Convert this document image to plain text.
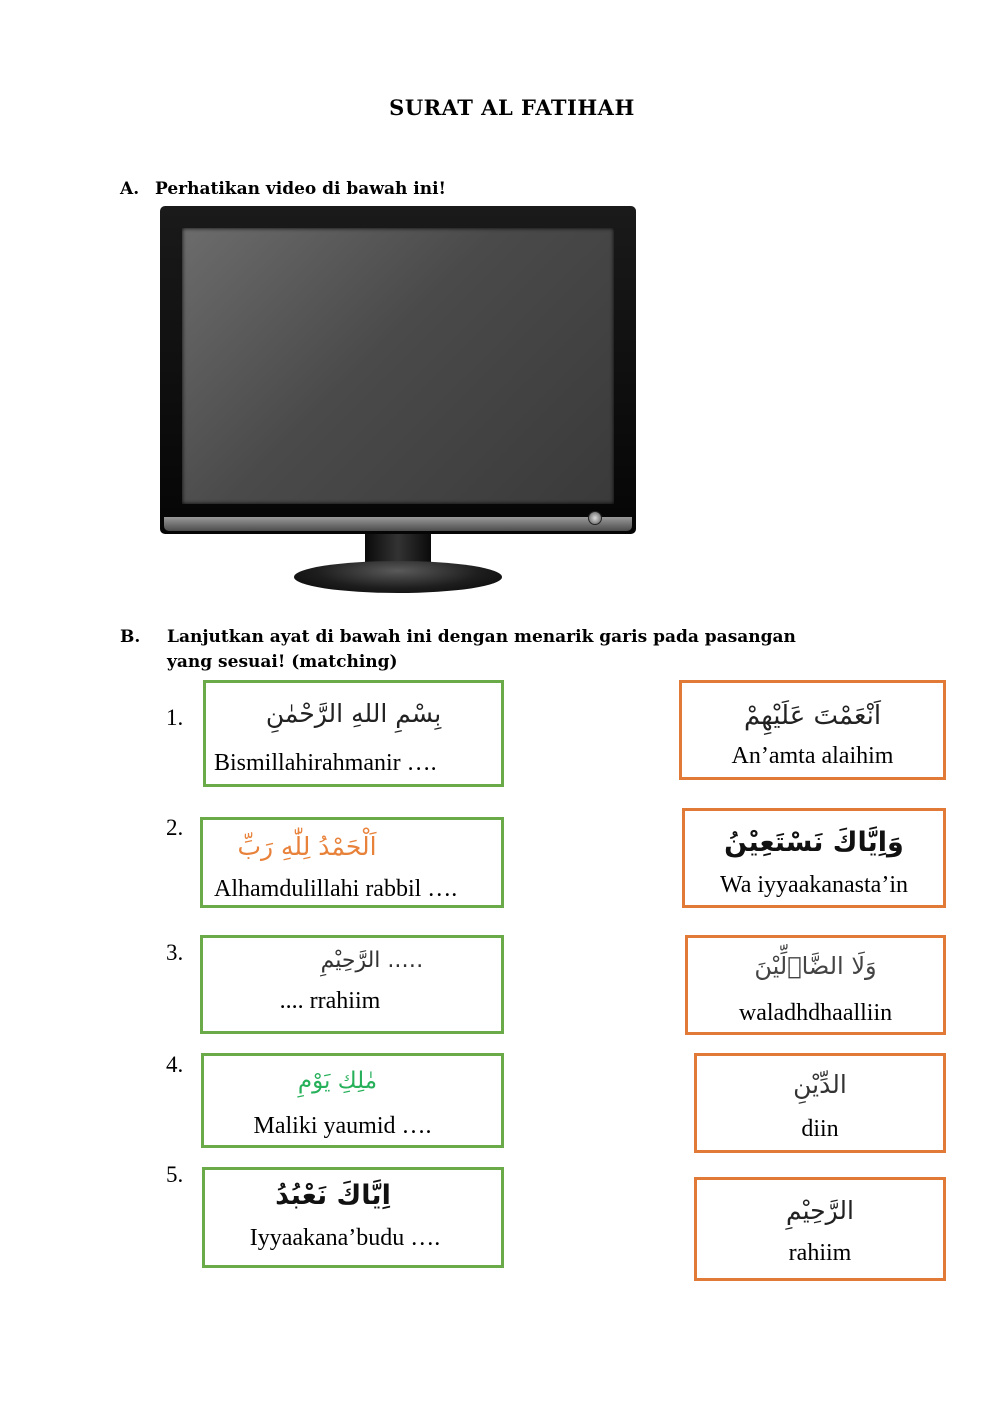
SURAT AL FATIHAH
A. Perhatikan video di bawah ini!
B. Lanjutkan ayat di bawah ini dengan menarik garis pada pasangan
yang sesuai! (matching)
1.	بِسْمِ اللهِ الرَّحْمٰنِ
Bismillahirahmanir ….
2.
اَلْحَمْدُ لِلّٰهِ رَبِّ
Alhamdulillahi rabbil ….
3.	….. الرَّحِيْمِ
.... rrahiim
4.
مٰلِكِ يَوْمِ
Maliki yaumid ….
5.
اِيَّاكَ نَعْبُدُ
Iyyaakana’budu ….
اَنْعَمْتَ عَلَيْهِمْ
An’amta alaihim
وَاِيَّاكَ نَسْتَعِيْنُ
Wa iyyaakanasta’in
وَلَا الضَّاۤلِّيْنَ
waladhdhaalliin
الدِّيْنِ
diin
الرَّحِيْمِ
rahiim
